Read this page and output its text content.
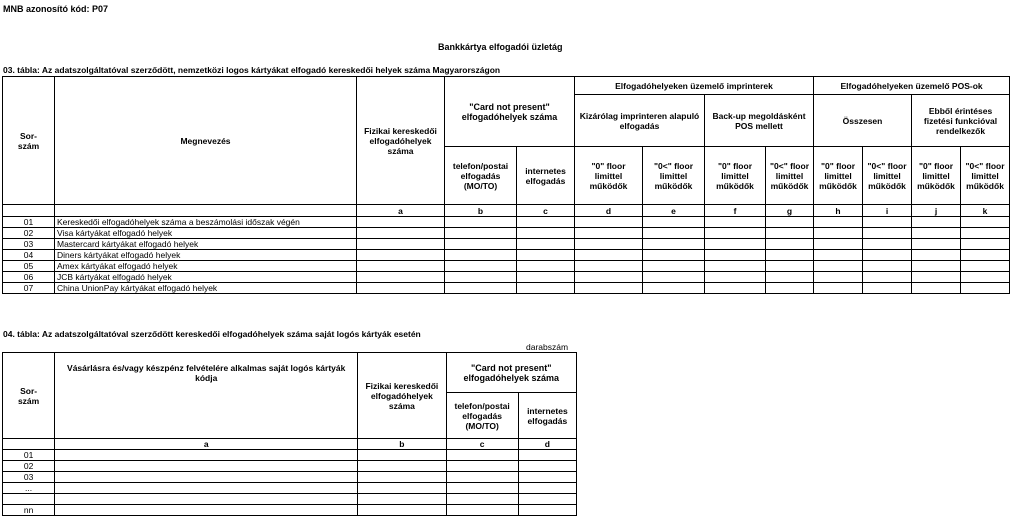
MNB azonosító kód: P07
Bankkártya elfogadói üzletág
03. tábla: Az adatszolgáltatóval szerződött, nemzetközi logos kártyákat elfogadó kereskedői helyek száma Magyarországon
Sor-
szám	Megnevezés	Fizikai kereskedői elfogadóhelyek száma	"Card not present" elfogadóhelyek száma		Elfogadóhelyeken üzemelő imprinterek				Elfogadóhelyeken üzemelő POS-ok			
					Kizárólag imprinteren alapuló elfogadás		Back-up megoldásként POS mellett		Összesen		Ebből érintéses fizetési funkcióval rendelkezők	
			telefon/postai elfogadás (MO/TO)	internetes elfogadás	"0" floor limittel működők	"0<" floor limittel működők	"0" floor limittel működők	"0<" floor limittel működők	"0" floor limittel működők	"0<" floor limittel működők	"0" floor limittel működők	"0<" floor limittel működők
		a	b	c	d	e	f	g	h	i	j	k
01	Kereskedői elfogadóhelyek száma a beszámolási időszak végén											
02	Visa kártyákat elfogadó helyek											
03	Mastercard kártyákat elfogadó helyek											
04	Diners kártyákat elfogadó helyek											
05	Amex kártyákat elfogadó helyek											
06	JCB kártyákat elfogadó helyek											
07	China UnionPay kártyákat elfogadó helyek											
04. tábla: Az adatszolgáltatóval szerződött kereskedői elfogadóhelyek száma saját logós kártyák esetén
darabszám
Sor-
szám	Vásárlásra és/vagy készpénz felvételére alkalmas saját logós kártyák kódja	Fizikai kereskedői elfogadóhelyek száma	"Card not present" elfogadóhelyek száma	
			telefon/postai elfogadás (MO/TO)	internetes elfogadás
	a	b	c	d
01				
02				
03				
...				

nn				
